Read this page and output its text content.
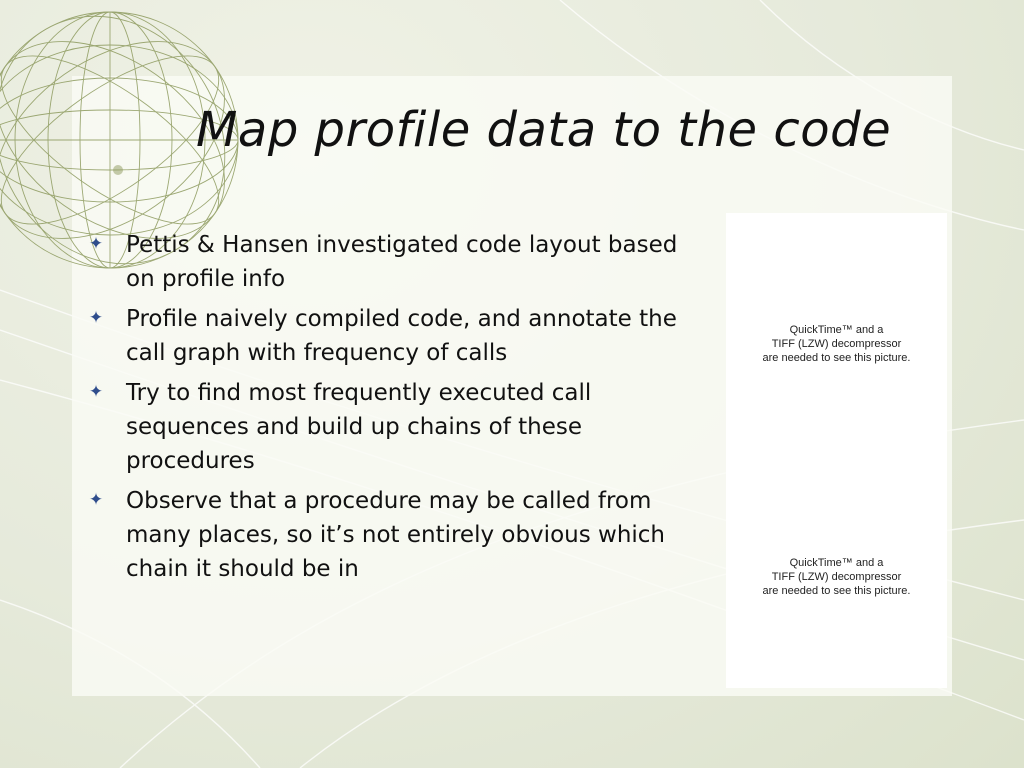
Map profile data to the code
✦ Pettis & Hansen investigated code layout based on profile info
✦ Profile naively compiled code, and annotate the call graph with frequency of calls
✦ Try to find most frequently executed call sequences and build up chains of these procedures
✦ Observe that a procedure may be called from many places, so it’s not entirely obvious which chain it should be in
QuickTime™ and a
TIFF (LZW) decompressor
are needed to see this picture.
QuickTime™ and a
TIFF (LZW) decompressor
are needed to see this picture.
